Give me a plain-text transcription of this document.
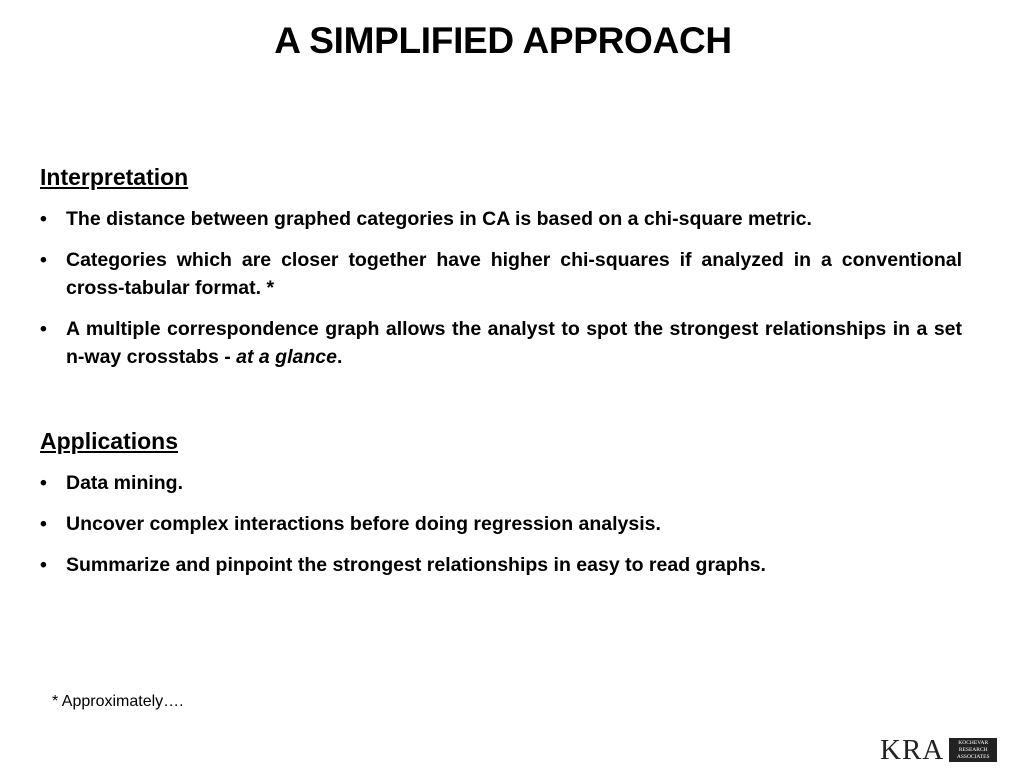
A SIMPLIFIED APPROACH
Interpretation
• The distance between graphed categories in CA is based on a chi-square metric.
• Categories which are closer together have higher chi-squares if analyzed in a conventional cross-tabular format. *
• A multiple correspondence graph allows the analyst to spot the strongest relationships in a set n-way crosstabs - at a glance.
Applications
• Data mining.
• Uncover complex interactions before doing regression analysis.
• Summarize and pinpoint the strongest relationships in easy to read graphs.
* Approximately….
KRA	KOCHEVAR
RESEARCH
ASSOCIATES
